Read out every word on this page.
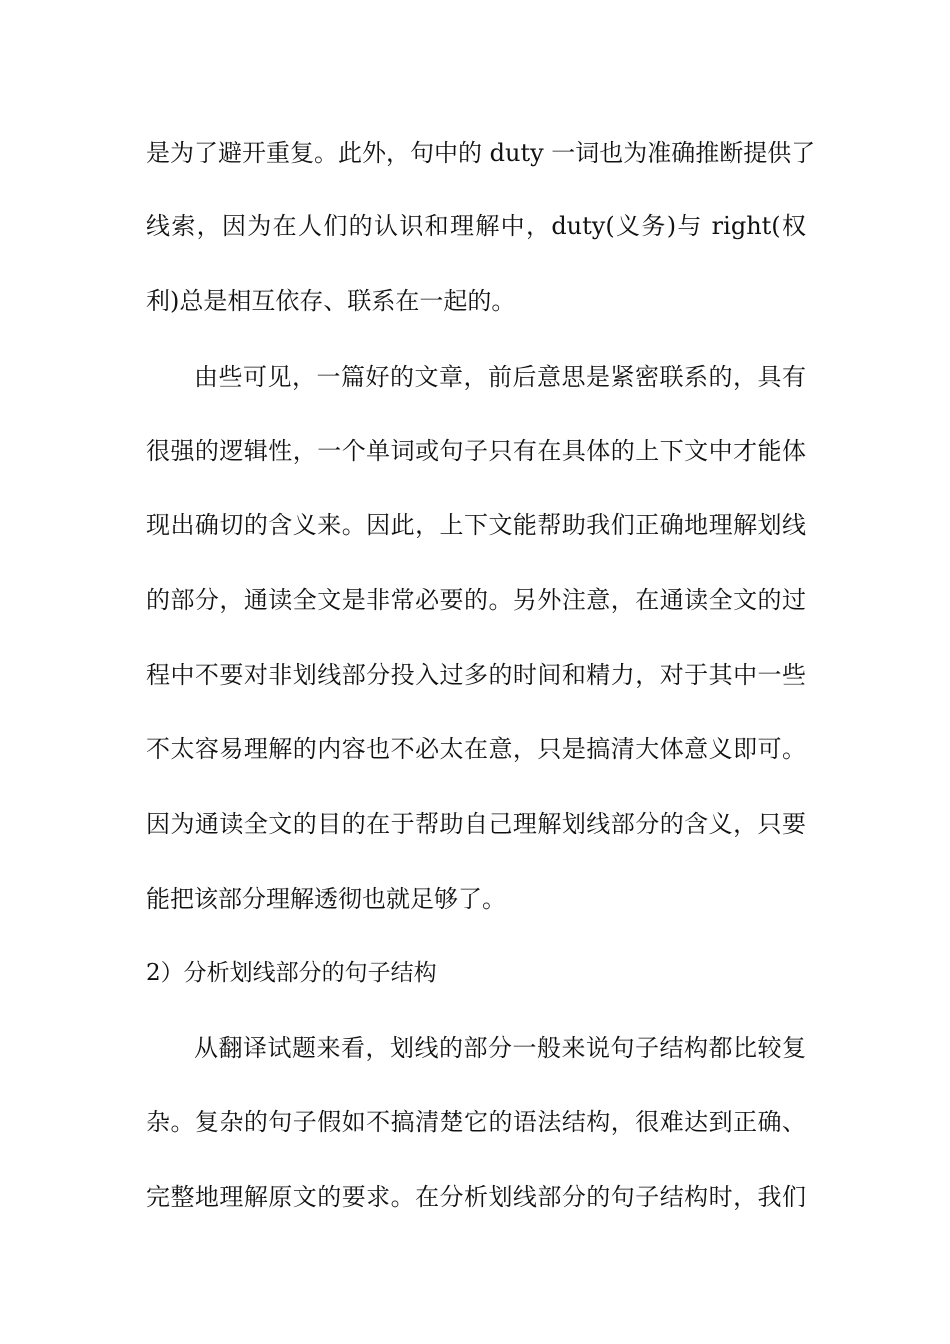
是为了避开重复。此外，句中的 duty 一词也为准确推断提供了
线索，因为在人们的认识和理解中，duty(义务)与 right(权
利)总是相互依存、联系在一起的。
由些可见，一篇好的文章，前后意思是紧密联系的，具有
很强的逻辑性，一个单词或句子只有在具体的上下文中才能体
现出确切的含义来。因此，上下文能帮助我们正确地理解划线
的部分，通读全文是非常必要的。另外注意，在通读全文的过
程中不要对非划线部分投入过多的时间和精力，对于其中一些
不太容易理解的内容也不必太在意，只是搞清大体意义即可。
因为通读全文的目的在于帮助自己理解划线部分的含义，只要
能把该部分理解透彻也就足够了。
2）分析划线部分的句子结构
从翻译试题来看，划线的部分一般来说句子结构都比较复
杂。复杂的句子假如不搞清楚它的语法结构，很难达到正确、
完整地理解原文的要求。在分析划线部分的句子结构时，我们
